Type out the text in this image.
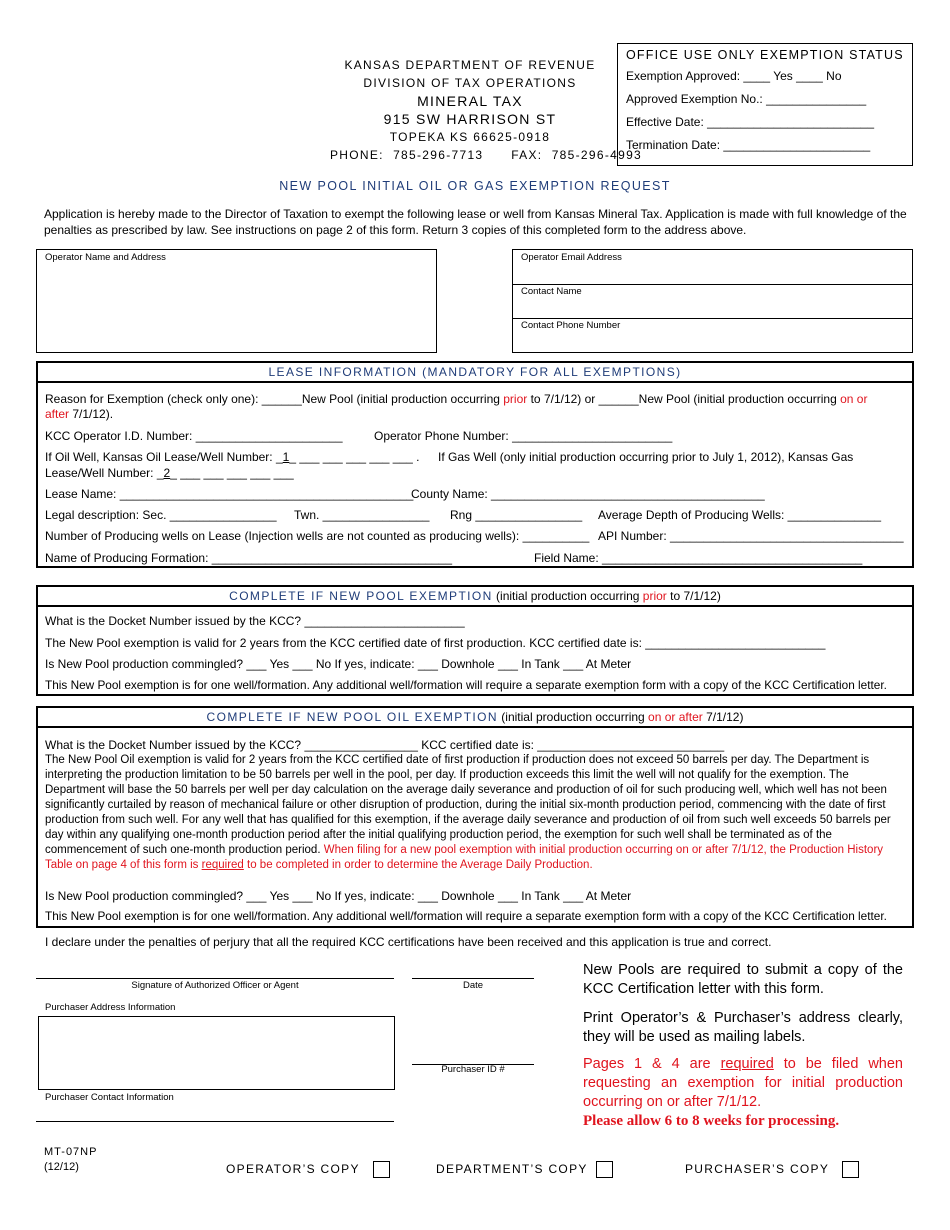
KANSAS DEPARTMENT OF REVENUE
DIVISION OF TAX OPERATIONS
MINERAL TAX
915 SW HARRISON ST
TOPEKA KS 66625-0918
PHONE:  785-296-7713      FAX:  785-296-4993
OFFICE USE ONLY EXEMPTION STATUS
Exemption Approved: ____ Yes ____ No
Approved Exemption No.: _______________
Effective Date: _________________________
Termination Date: ______________________
NEW POOL INITIAL OIL OR GAS EXEMPTION REQUEST
Application is hereby made to the Director of Taxation to exempt the following lease or well from Kansas Mineral Tax. Application is made with full knowledge of the penalties as prescribed by law. See instructions on page 2 of this form. Return 3 copies of this completed form to the address above.
Operator Name and Address	Operator Email Address
Contact Name
Contact Phone Number
LEASE INFORMATION (MANDATORY FOR ALL EXEMPTIONS)
Reason for Exemption (check only one): ______New Pool (initial production occurring prior to 7/1/12) or ______New Pool (initial production occurring on or
after 7/1/12).
KCC Operator I.D. Number: ______________________	Operator Phone Number: ________________________
If Oil Well, Kansas Oil Lease/Well Number: _1_ ___ ___ ___ ___ ___ . If Gas Well (only initial production occurring prior to July 1, 2012), Kansas Gas
Lease/Well Number: _2_ ___ ___ ___ ___ ___
Lease Name: ____________________________________________
County Name: _________________________________________
Legal description: Sec. ________________ Twn. ________________ Rng ________________ Average Depth of Producing Wells: ______________
Number of Producing wells on Lease (Injection wells are not counted as producing wells): __________ API Number: ___________________________________
Name of Producing Formation: ____________________________________	Field Name: _______________________________________
COMPLETE IF NEW POOL EXEMPTION (initial production occurring prior to 7/1/12)
What is the Docket Number issued by the KCC? ________________________
The New Pool exemption is valid for 2 years from the KCC certified date of first production. KCC certified date is: ___________________________
Is New Pool production commingled? ___ Yes ___ No If yes, indicate: ___ Downhole ___ In Tank ___ At Meter
This New Pool exemption is for one well/formation. Any additional well/formation will require a separate exemption form with a copy of the KCC Certification letter.
COMPLETE IF NEW POOL OIL EXEMPTION (initial production occurring on or after 7/1/12)
What is the Docket Number issued by the KCC? _________________ KCC certified date is: ____________________________
The New Pool Oil exemption is valid for 2 years from the KCC certified date of first production if production does not exceed 50 barrels per day. The Department is interpreting the production limitation to be 50 barrels per well in the pool, per day. If production exceeds this limit the well will not qualify for the exemption. The Department will base the 50 barrels per well per day calculation on the average daily severance and production of oil for such producing well, which well has not been significantly curtailed by reason of mechanical failure or other disruption of production, during the initial six-month production period, commencing with the date of first production from such well. For any well that has qualified for this exemption, if the average daily severance and production of oil from such well exceeds 50 barrels per day within any qualifying one-month production period after the initial qualifying production period, the exemption for such well shall be terminated as of the commencement of such one-month production period. When filing for a new pool exemption with initial production occurring on or after 7/1/12, the Production History Table on page 4 of this form is required to be completed in order to determine the Average Daily Production.
Is New Pool production commingled? ___ Yes ___ No If yes, indicate: ___ Downhole ___ In Tank ___ At Meter
This New Pool exemption is for one well/formation. Any additional well/formation will require a separate exemption form with a copy of the KCC Certification letter.
I declare under the penalties of perjury that all the required KCC certifications have been received and this application is true and correct.
Signature of Authorized Officer or Agent	Date
Purchaser Address Information
Purchaser ID #
Purchaser Contact Information
New Pools are required to submit a copy of the KCC Certification letter with this form.
Print Operator’s & Purchaser’s address clearly, they will be used as mailing labels.
Pages 1 & 4 are required to be filed when requesting an exemption for initial production occurring on or after 7/1/12.
Please allow 6 to 8 weeks for processing.
MT-07NP
(12/12)	OPERATOR’S COPY	DEPARTMENT’S COPY	PURCHASER’S COPY
